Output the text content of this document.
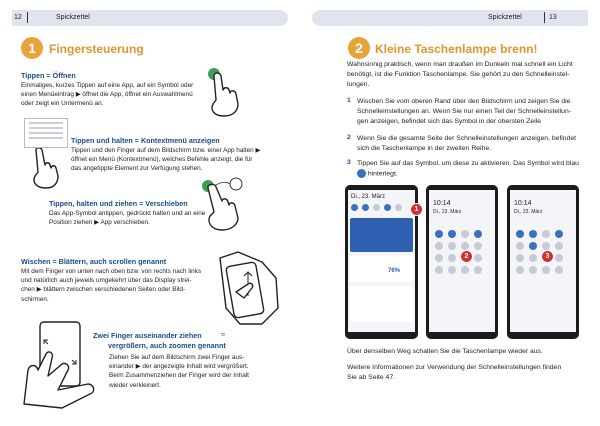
12	Spickzettel	Spickzettel	13
1	Fingersteuerung
Tippen = Öffnen
Einmaliges, kurzes Tippen auf eine App, auf ein Symbol oder
einen Menüeintrag ▶ öffnet die App, öffnet ein Auswahlmenü
oder zeigt ein Untermenü an.
Tippen und halten = Kontextmenü anzeigen
Tippen und den Finger auf dem Bildschirm bzw. einer App halten ▶
öffnet ein Menü (Kontextmenü), welches Befehle anzeigt, die für
das angetippte Element zur Verfügung stehen.
Tippen, halten und ziehen = Verschieben
Das App-Symbol antippen, gedrückt halten und an eine
Position ziehen ▶ App verschieben.
Wischen = Blättern, auch scrollen genannt
Mit dem Finger von unten nach oben bzw. von rechts nach links
und natürlich auch jeweils umgekehrt über das Display strei-
chen ▶ blättern zwischen verschiedenen Seiten oder Bild-
schirmen.
Zwei Finger auseinander ziehen ≈
vergrößern, auch zoomen genannt
Ziehen Sie auf dem Bildschirm zwei Finger aus-
einander ▶ der angezeigte Inhalt wird vergrößert.
Beim Zusammenziehen der Finger wird der Inhalt
wieder verkleinert.
2	Kleine Taschenlampe brenn!
Wahnsinnig praktisch, wenn man draußen im Dunkeln mal schnell ein Licht
benötigt, ist die Funktion Taschenlampe. Sie gehört zu den Schnelleinstel-
lungen.
1 Wischen Sie vom oberen Rand über den Bildschirm und zeigen Sie die
Schnelleinstellungen an. Wenn Sie nur einen Teil der Schnelleinstellun-
gen anzeigen, befindet sich das Symbol in der obersten Zeile
2 Wenn Sie die gesamte Seite der Schnelleinstellungen anzeigen, befindet
sich die Taschenlampe in der zweiten Reihe.
3 Tippen Sie auf das Symbol, um diese zu aktivieren. Das Symbol wird blau
hinterlegt.
Di., 23. März
76%
1
10:14
Di., 23. März
2
10:14
Di., 23. März
3
Über denselben Weg schalten Sie die Taschenlampe wieder aus.
Weitere Informationen zur Verwendung der Schnelleinstellungen finden
Sie ab Seite 47.
